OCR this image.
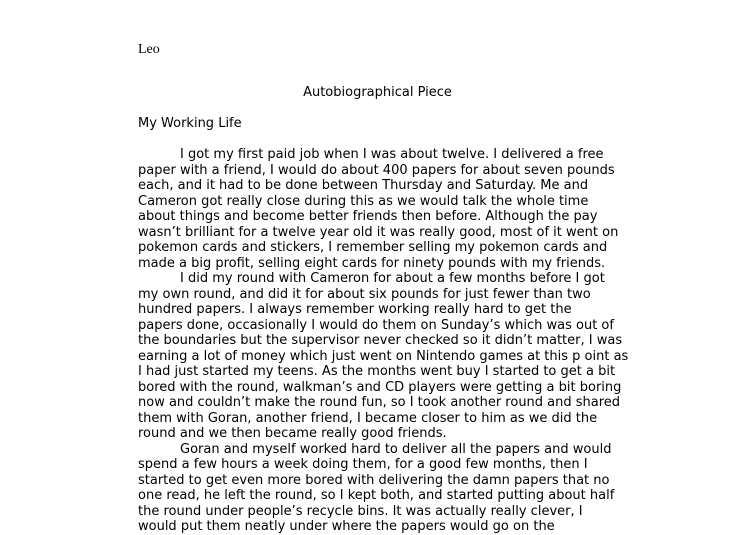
Leo
Autobiographical Piece
My Working Life
I got my first paid job when I was about twelve. I delivered a free
paper with a friend, I would do about 400 papers for about seven pounds
each, and it had to be done between Thursday and Saturday. Me and
Cameron got really close during this as we would talk the whole time
about things and become better friends then before. Although the pay
wasn’t brilliant for a twelve year old it was really good, most of it went on
pokemon cards and stickers, I remember selling my pokemon cards and
made a big profit, selling eight cards for ninety pounds with my friends.
I did my round with Cameron for about a few months before I got
my own round, and did it for about six pounds for just fewer than two
hundred papers. I always remember working really hard to get the
papers done, occasionally I would do them on Sunday’s which was out of
the boundaries but the supervisor never checked so it didn’t matter, I was
earning a lot of money which just went on Nintendo games at this p oint as
I had just started my teens. As the months went buy I started to get a bit
bored with the round, walkman’s and CD players were getting a bit boring
now and couldn’t make the round fun, so I took another round and shared
them with Goran, another friend, I became closer to him as we did the
round and we then became really good friends.
Goran and myself worked hard to deliver all the papers and would
spend a few hours a week doing them, for a good few months, then I
started to get even more bored with delivering the damn papers that no
one read, he left the round, so I kept both, and started putting about half
the round under people’s recycle bins. It was actually really clever, I
would put them neatly under where the papers would go on the
